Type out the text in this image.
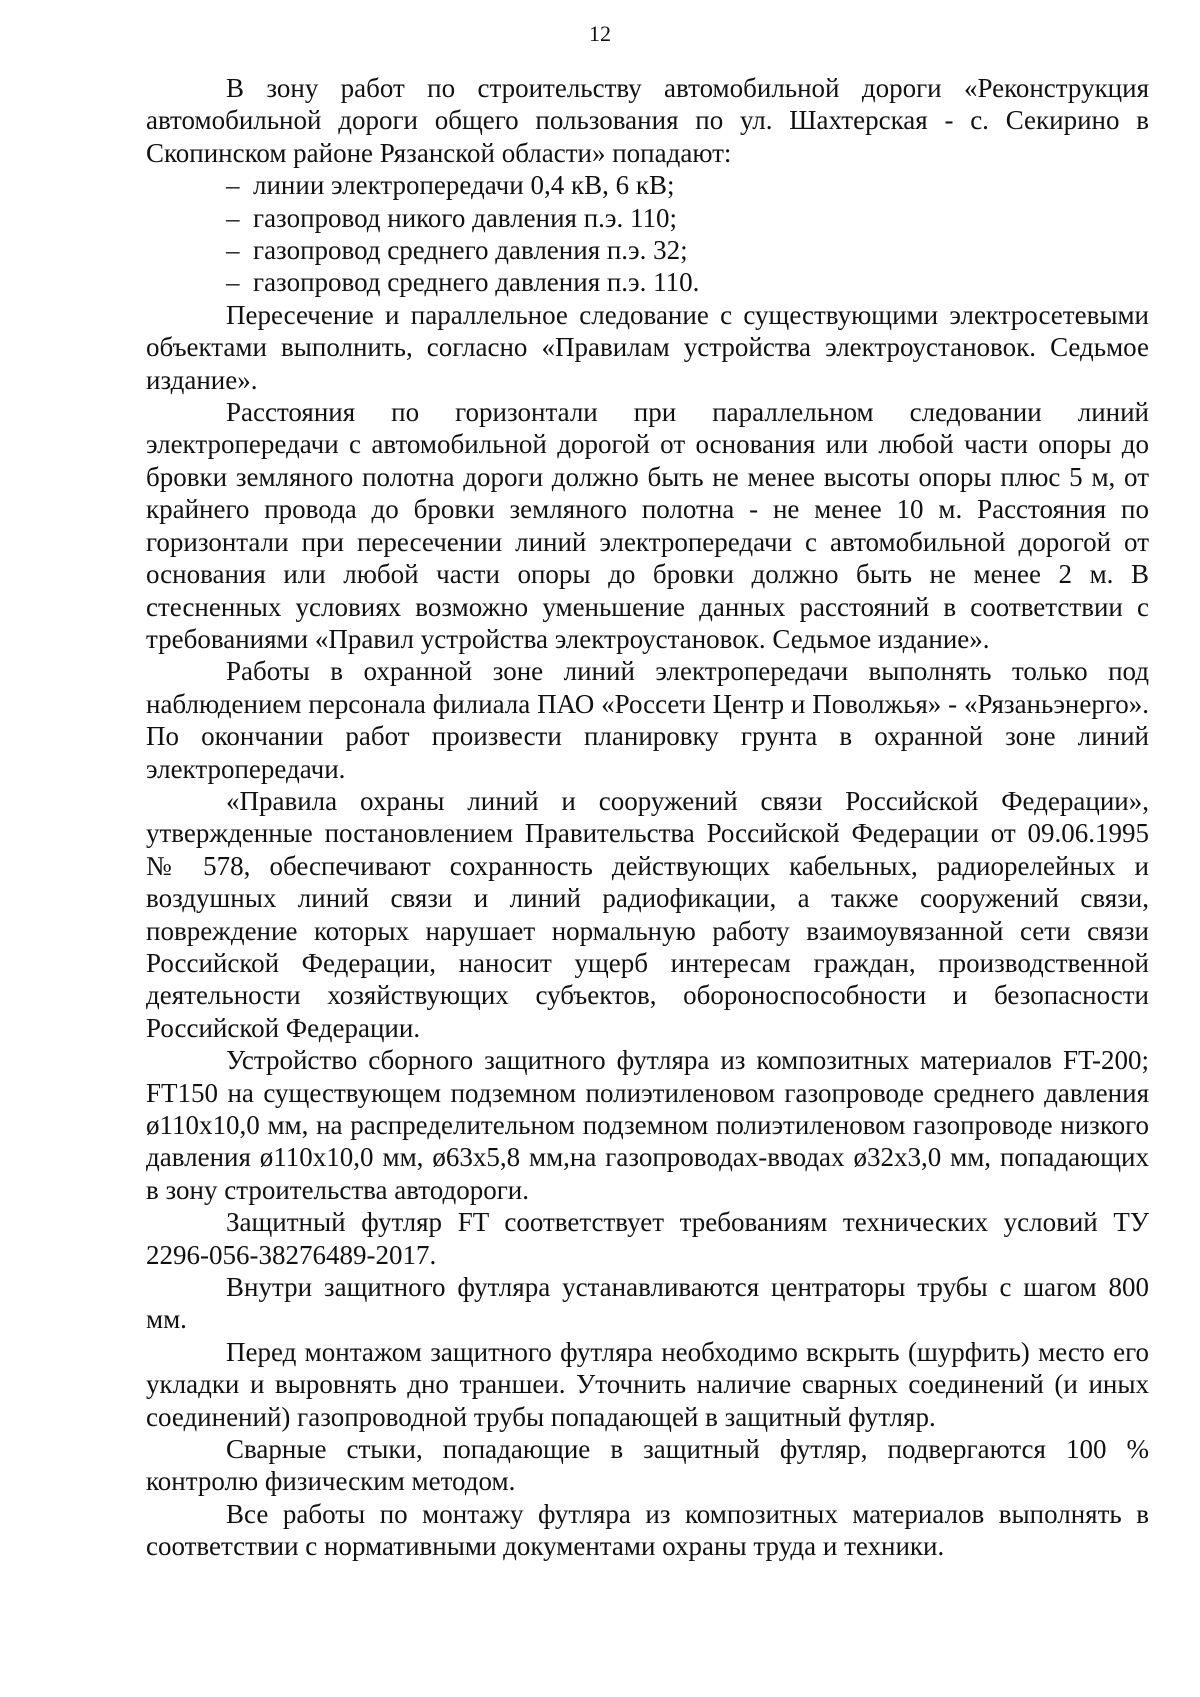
12

В зону работ по строительству автомобильной дороги «Реконструкция автомобильной дороги общего пользования по ул. Шахтерская - с. Секирино в Скопинском районе Рязанской области» попадают:

– линии электропередачи 0,4 кВ, 6 кВ;
– газопровод никого давления п.э. 110;
– газопровод среднего давления п.э. 32;
– газопровод среднего давления п.э. 110.

Пересечение и параллельное следование с существующими электросетевыми объектами выполнить, согласно «Правилам устройства электроустановок. Седьмое издание».

Расстояния по горизонтали при параллельном следовании линий электропередачи с автомобильной дорогой от основания или любой части опоры до бровки земляного полотна дороги должно быть не менее высоты опоры плюс 5 м, от крайнего провода до бровки земляного полотна - не менее 10 м. Расстояния по горизонтали при пересечении линий электропередачи с автомобильной дорогой от основания или любой части опоры до бровки должно быть не менее 2 м. В стесненных условиях возможно уменьшение данных расстояний в соответствии с требованиями «Правил устройства электроустановок. Седьмое издание».

Работы в охранной зоне линий электропередачи выполнять только под наблюдением персонала филиала ПАО «Россети Центр и Поволжья» - «Рязаньэнерго». По окончании работ произвести планировку грунта в охранной зоне линий электропередачи.

«Правила охраны линий и сооружений связи Российской Федерации», утвержденные постановлением Правительства Российской Федерации от 09.06.1995 № 578, обеспечивают сохранность действующих кабельных, радиорелейных и воздушных линий связи и линий радиофикации, а также сооружений связи, повреждение которых нарушает нормальную работу взаимоувязанной сети связи Российской Федерации, наносит ущерб интересам граждан, производственной деятельности хозяйствующих субъектов, обороноспособности и безопасности Российской Федерации.

Устройство сборного защитного футляра из композитных материалов FT-200; FT150 на существующем подземном полиэтиленовом газопроводе среднего давления ø110х10,0 мм, на распределительном подземном полиэтиленовом газопроводе низкого давления ø110х10,0 мм, ø63х5,8 мм,на газопроводах-вводах ø32х3,0 мм, попадающих в зону строительства автодороги.

Защитный футляр FT соответствует требованиям технических условий ТУ 2296-056-38276489-2017.

Внутри защитного футляра устанавливаются центраторы трубы с шагом 800 мм.

Перед монтажом защитного футляра необходимо вскрыть (шурфить) место его укладки и выровнять дно траншеи. Уточнить наличие сварных соединений (и иных соединений) газопроводной трубы попадающей в защитный футляр.

Сварные стыки, попадающие в защитный футляр, подвергаются 100 % контролю физическим методом.

Все работы по монтажу футляра из композитных материалов выполнять в соответствии с нормативными документами охраны труда и техники.
